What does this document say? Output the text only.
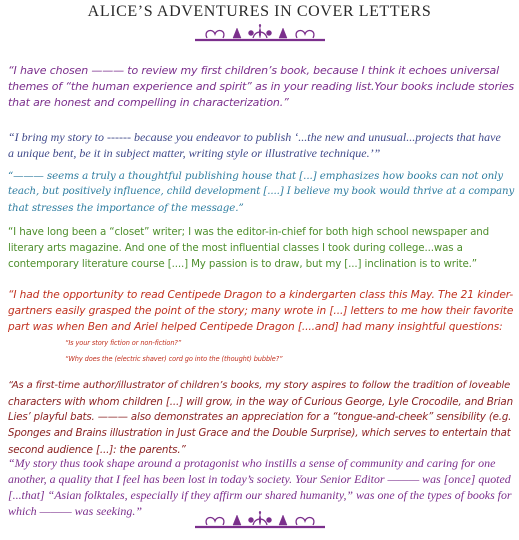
ALICE’S ADVENTURES IN COVER LETTERS

“I have chosen ——— to review my first children’s book, because I think it echoes universal
themes of “the human experience and spirit” as in your reading list.Your books include stories
that are honest and compelling in characterization.”

“I bring my story to ------ because you endeavor to publish ‘...the new and unusual...projects that have
a unique bent, be it in subject matter, writing style or illustrative technique.’”

“——— seems a truly a thoughtful publishing house that [...] emphasizes how books can not only
teach, but positively influence, child development [....] I believe my book would thrive at a company
that stresses the importance of the message.”

“I have long been a “closet” writer; I was the editor-in-chief for both high school newspaper and
literary arts magazine. And one of the most influential classes I took during college...was a
contemporary literature course [....] My passion is to draw, but my [...] inclination is to write.”

“I had the opportunity to read Centipede Dragon to a kindergarten class this May. The 21 kinder-
gartners easily grasped the point of the story; many wrote in [...] letters to me how their favorite
part was when Ben and Ariel helped Centipede Dragon [....and] had many insightful questions:
“Is your story fiction or non-fiction?”
“Why does the (electric shaver) cord go into the (thought) bubble?”

“As a first-time author/illustrator of children’s books, my story aspires to follow the tradition of loveable
characters with whom children [...] will grow, in the way of Curious George, Lyle Crocodile, and Brian
Lies’ playful bats. ——— also demonstrates an appreciation for a “tongue-and-cheek” sensibility (e.g.
Sponges and Brains illustration in Just Grace and the Double Surprise), which serves to entertain that
second audience [...]: the parents.”

“My story thus took shape around a protagonist who instills a sense of community and caring for one
another, a quality that I feel has been lost in today’s society. Your Senior Editor ——— was [once] quoted
[...that] “Asian folktales, especially if they affirm our shared humanity,” was one of the types of books for
which ——— was seeking.”
